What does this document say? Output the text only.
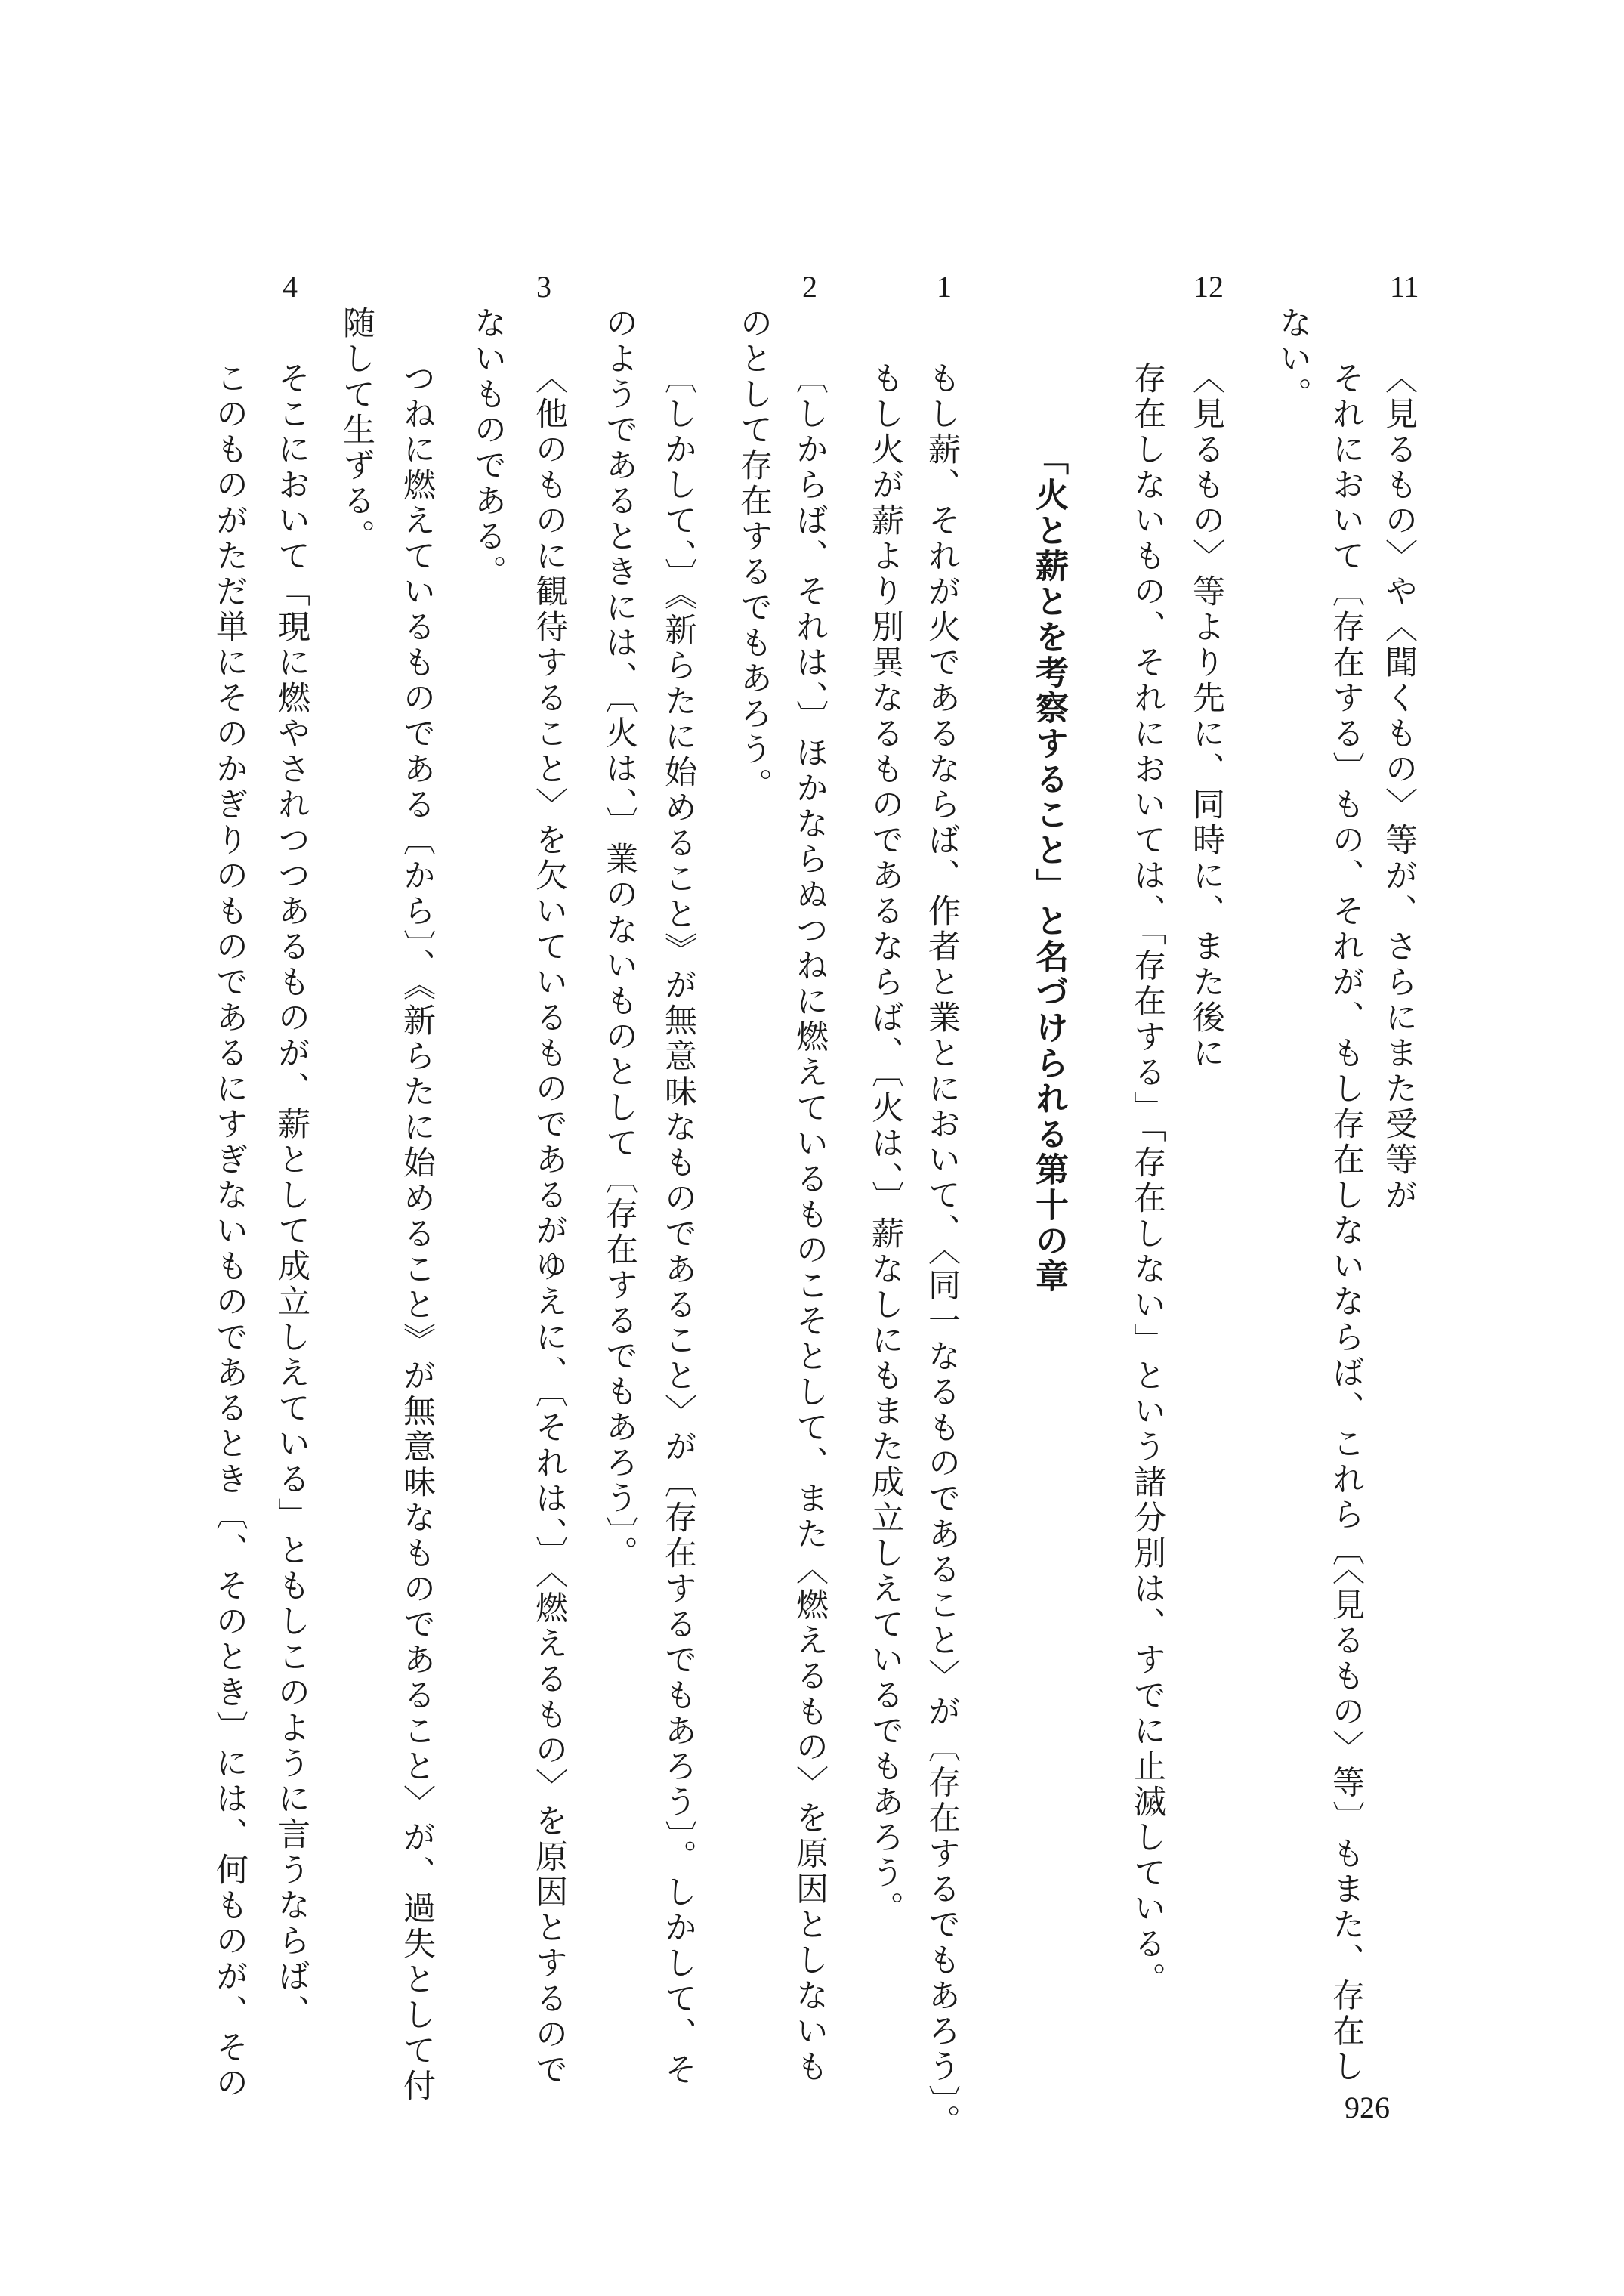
11
〈見るもの〉や〈聞くもの〉等が、さらにまた受等が
それにおいて〔存在する〕もの、それが、もし存在しないならば、これら〔〈見るもの〉等〕もまた、存在し
ない。
12
〈見るもの〉等より先に、同時に、また後に
存在しないもの、それにおいては、「存在する」「存在しない」という諸分別は、すでに止滅している。
「火と薪とを考察すること」と名づけられる第十の章
1
もし薪、それが火であるならば、作者と業とにおいて、〈同一なるものであること〉が〔存在するでもあろう〕。
もし火が薪より別異なるものであるならば、〔火は、〕薪なしにもまた成立しえているでもあろう。
2
〔しからば、それは、〕ほかならぬつねに燃えているものこそとして、また〈燃えるもの〉を原因としないも
のとして存在するでもあろう。
〔しかして、〕《新らたに始めること》が無意味なものであること〉が〔存在するでもあろう〕。しかして、そ
のようであるときには、〔火は、〕業のないものとして〔存在するでもあろう〕。
3
〈他のものに観待すること〉を欠いているものであるがゆえに、〔それは、〕〈燃えるもの〉を原因とするので
ないものである。
つねに燃えているものである〔から〕、《新らたに始めること》が無意味なものであること〉が、過失として付
随して生ずる。
4
そこにおいて「現に燃やされつつあるものが、薪として成立しえている」ともしこのように言うならば、
このものがただ単にそのかぎりのものであるにすぎないものであるとき〔、そのとき〕には、何ものが、その
926
